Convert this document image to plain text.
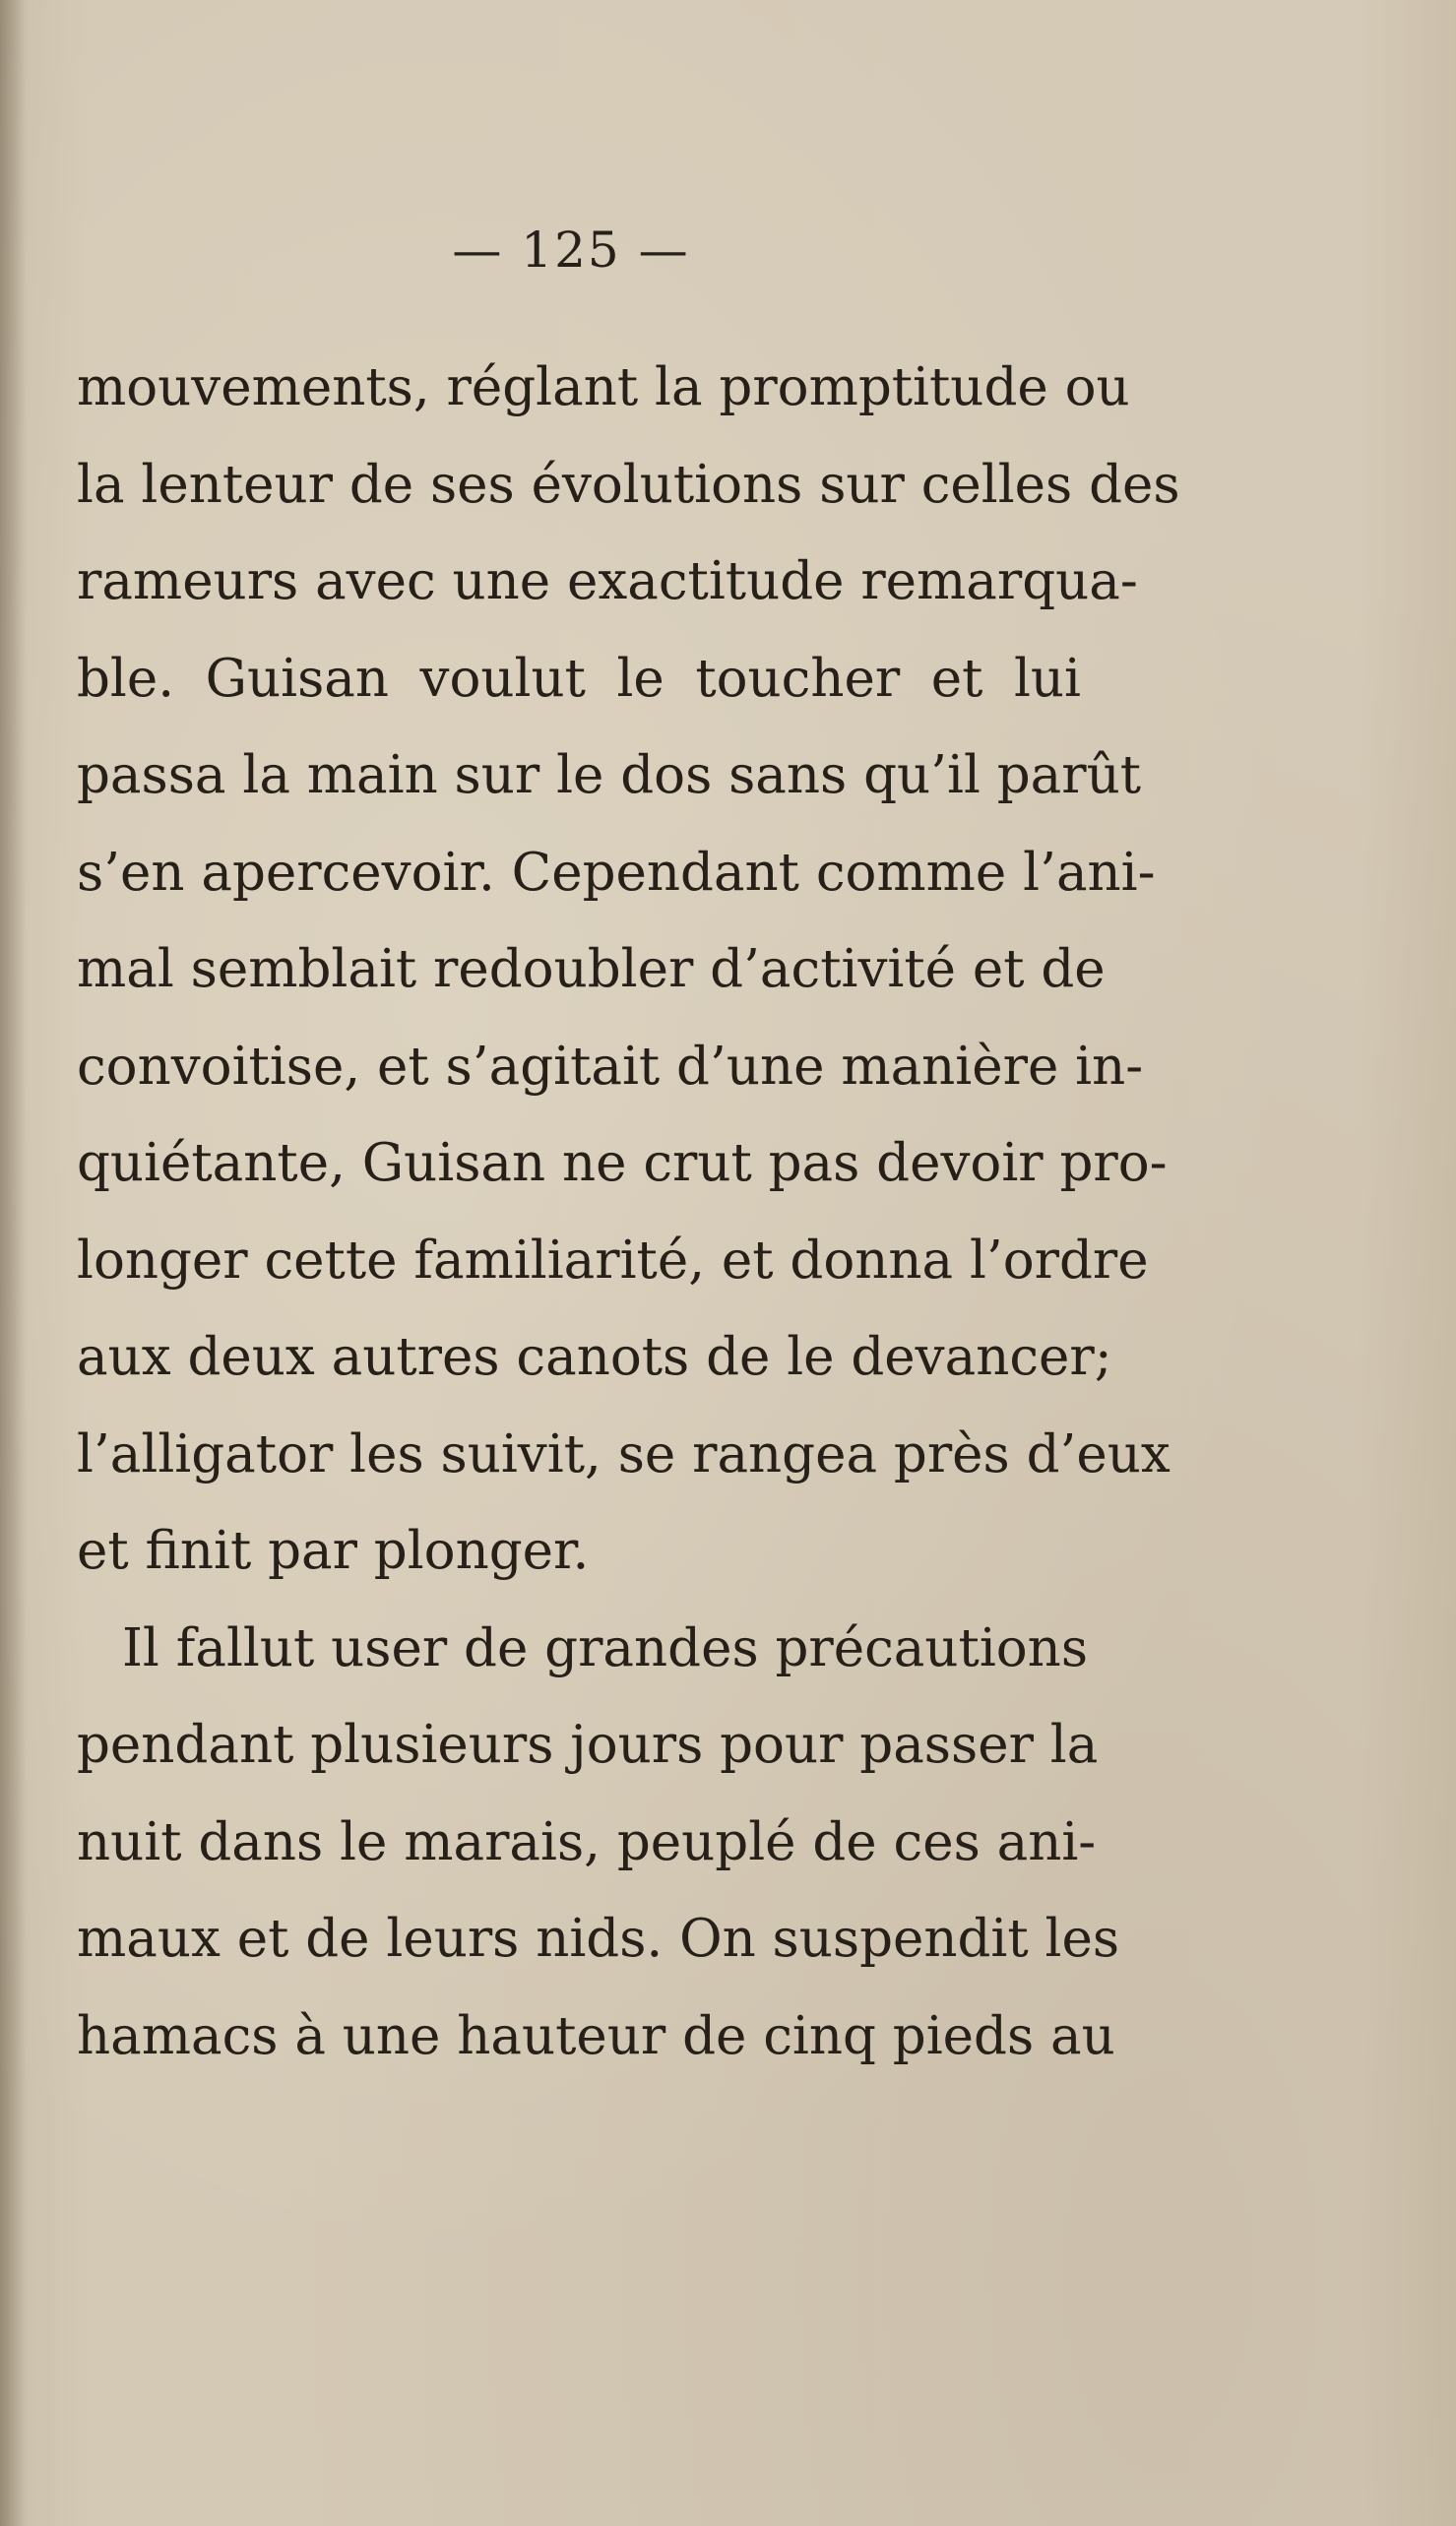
— 125 —
mouvements, réglant la promptitude ou
la lenteur de ses évolutions sur celles des
rameurs avec une exactitude remarqua-
ble. Guisan voulut le toucher et lui
passa la main sur le dos sans qu’il parût
s’en apercevoir. Cependant comme l’ani-
mal semblait redoubler d’activité et de
convoitise, et s’agitait d’une manière in-
quiétante, Guisan ne crut pas devoir pro-
longer cette familiarité, et donna l’ordre
aux deux autres canots de le devancer;
l’alligator les suivit, se rangea près d’eux
et finit par plonger.
Il fallut user de grandes précautions
pendant plusieurs jours pour passer la
nuit dans le marais, peuplé de ces ani-
maux et de leurs nids. On suspendit les
hamacs à une hauteur de cinq pieds au
